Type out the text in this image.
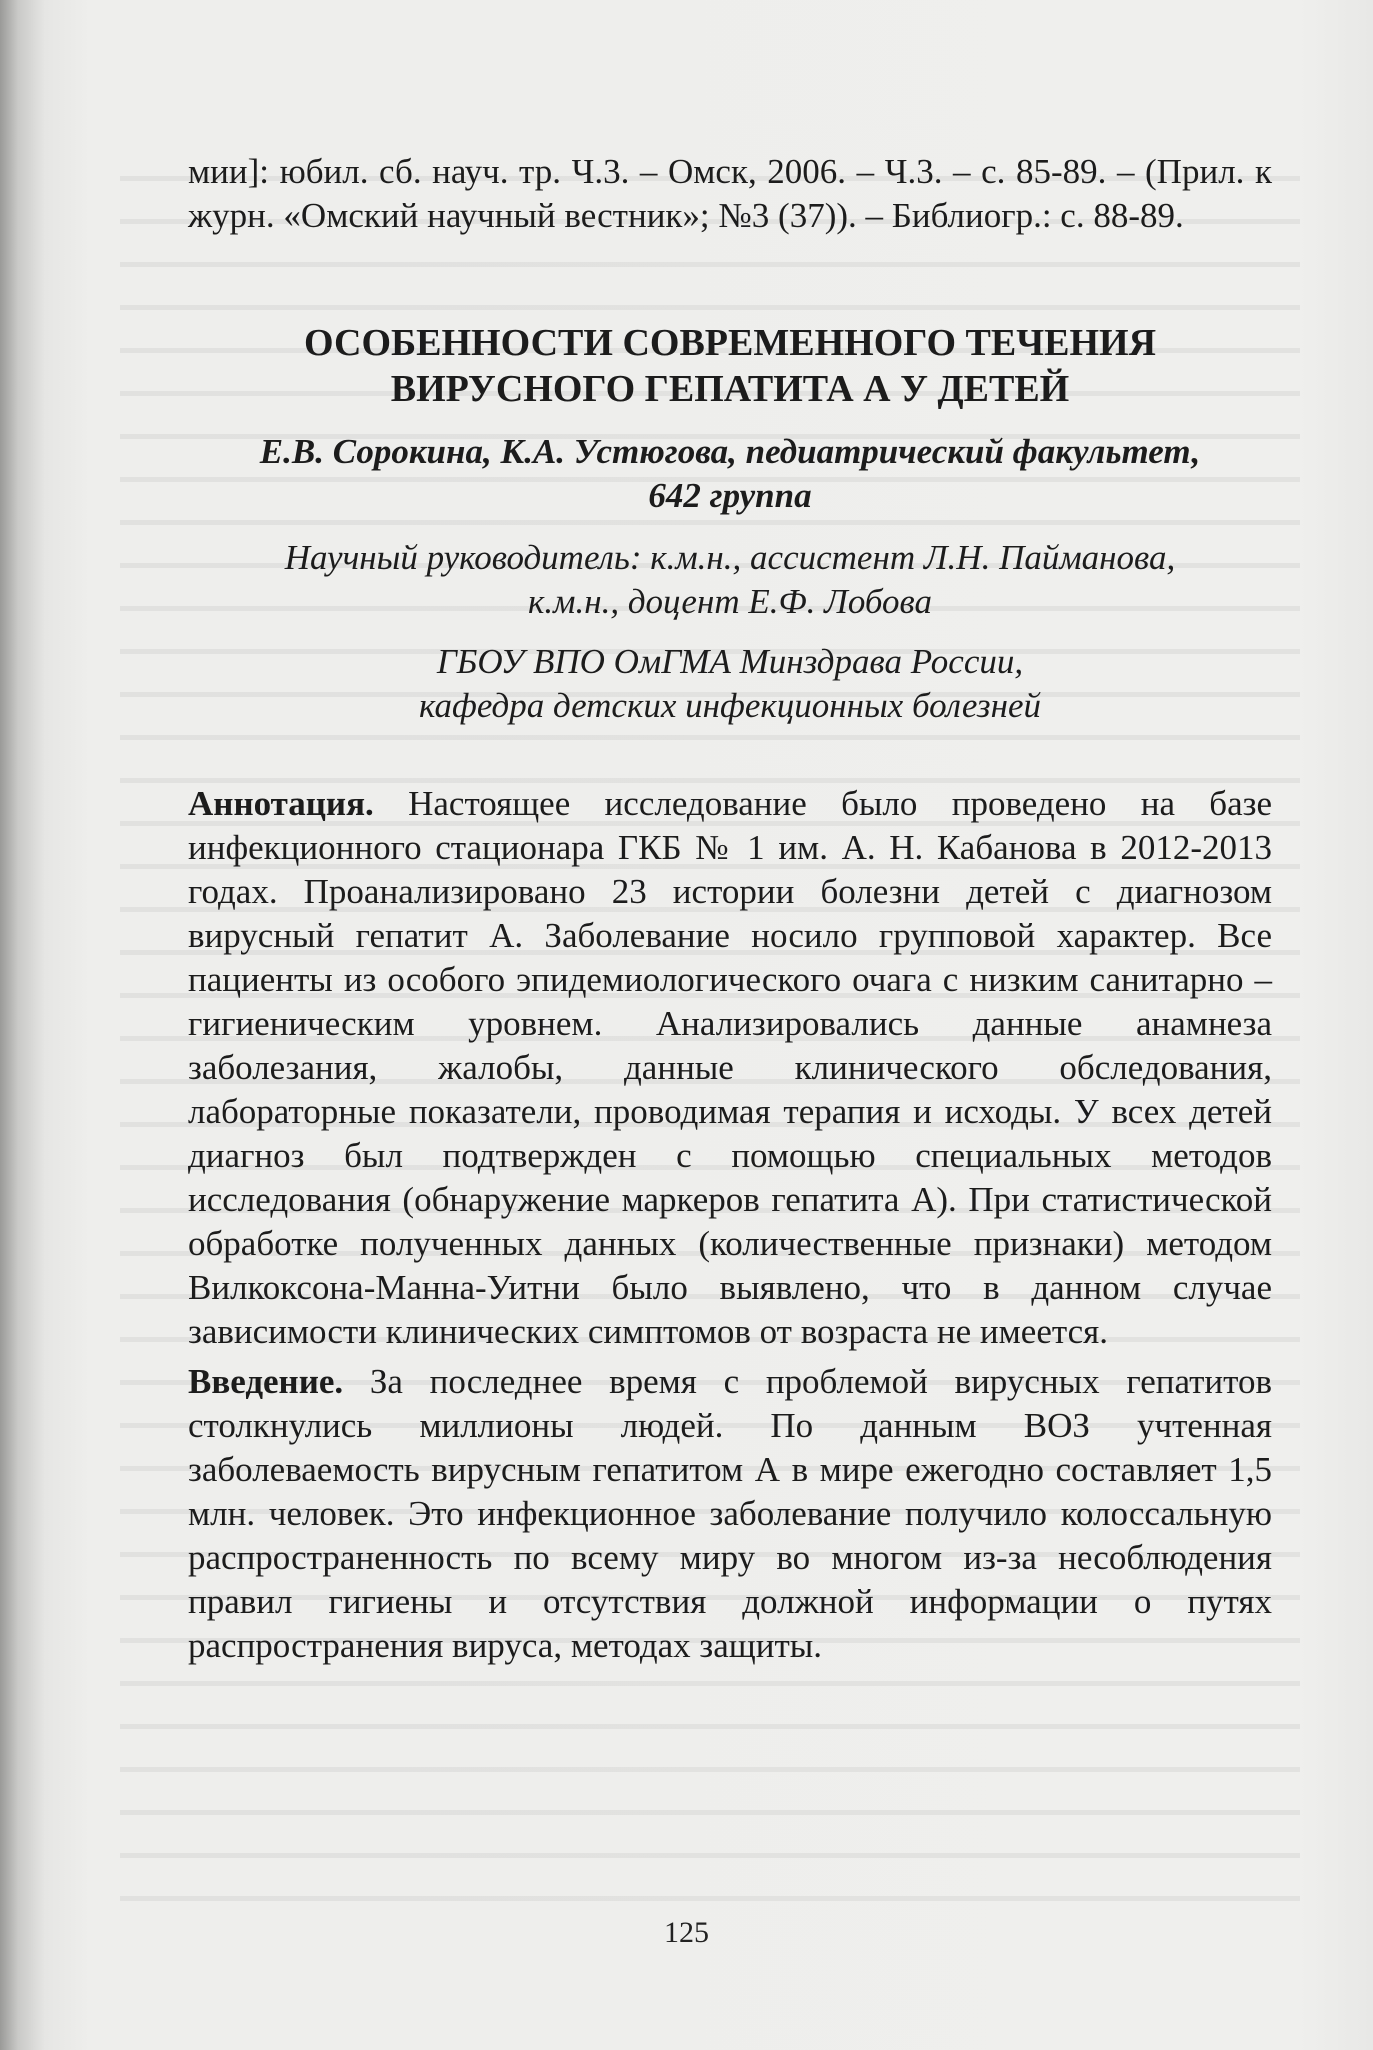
мии]: юбил. сб. науч. тр. Ч.3. – Омск, 2006. – Ч.3. – с. 85-89. – (Прил. к журн. «Омский научный вестник»; №3 (37)). – Библиогр.: с. 88-89.

ОСОБЕННОСТИ СОВРЕМЕННОГО ТЕЧЕНИЯ
ВИРУСНОГО ГЕПАТИТА А У ДЕТЕЙ
Е.В. Сорокина, К.А. Устюгова, педиатрический факультет,
642 группа
Научный руководитель: к.м.н., ассистент Л.Н. Пайманова,
к.м.н., доцент Е.Ф. Лобова
ГБОУ ВПО ОмГМА Минздрава России,
кафедра детских инфекционных болезней

Аннотация. Настоящее исследование было проведено на базе инфекционного стационара ГКБ № 1 им. А. Н. Кабанова в 2012-2013 годах. Проанализировано 23 истории болезни детей с диагнозом вирусный гепатит А. Заболевание носило групповой характер. Все пациенты из особого эпидемиологического очага с низким санитарно – гигиеническим уровнем. Анализировались данные анамнеза заболезания, жалобы, данные клинического обследования, лабораторные показатели, проводимая терапия и исходы. У всех детей диагноз был подтвержден с помощью специальных методов исследования (обнаружение маркеров гепатита А). При статистической обработке полученных данных (количественные признаки) методом Вилкоксона-Манна-Уитни было выявлено, что в данном случае зависимости клинических симптомов от возраста не имеется.

Введение. За последнее время с проблемой вирусных гепатитов столкнулись миллионы людей. По данным ВОЗ учтенная заболеваемость вирусным гепатитом А в мире ежегодно составляет 1,5 млн. человек. Это инфекционное заболевание получило колоссальную распространенность по всему миру во многом из-за несоблюдения правил гигиены и отсутствия должной информации о путях распространения вируса, методах защиты.

125
